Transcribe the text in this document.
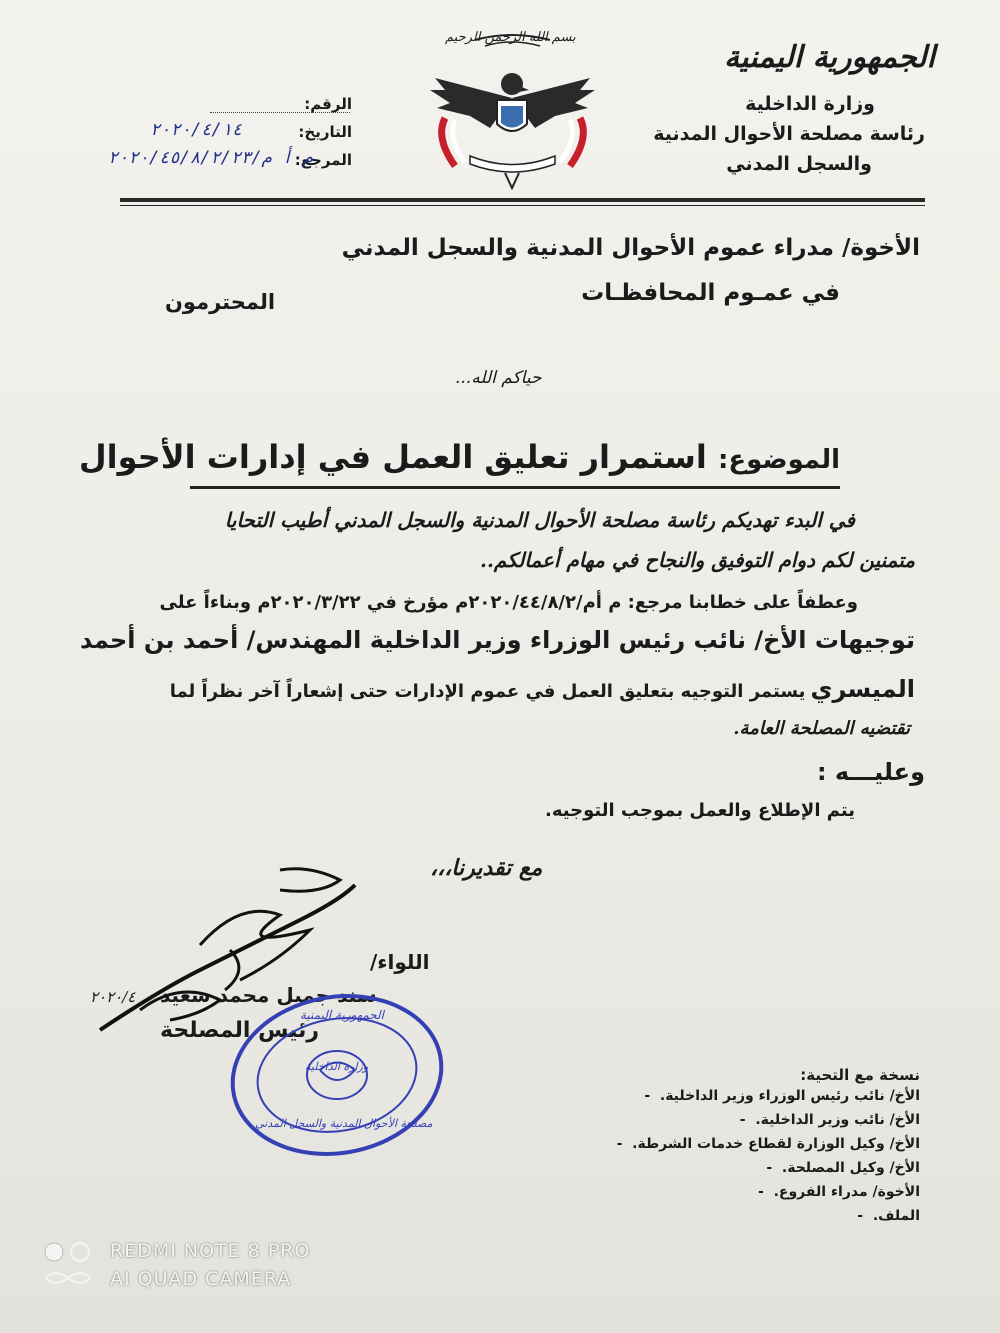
الجمهورية اليمنية
وزارة الداخلية
رئاسة مصلحة الأحوال المدنية
والسجل المدني
بسم الله الرحمن الرحيم
الرقم:
التاريخ:
٢٠٢٠/٤/١٤
المرجع:
م أ م/٢٠٢٠/٤٥/٨/٢/٢٣
الأخوة/ مدراء عموم الأحوال المدنية والسجل المدني
في عمـوم المحافظـات
المحترمون
حياكم الله...
الموضوع: استمرار تعليق العمل في إدارات الأحوال
في البدء تهديكم رئاسة مصلحة الأحوال المدنية والسجل المدني أطيب التحايا
متمنين لكم دوام التوفيق والنجاح في مهام أعمالكم..
وعطفاً على خطابنا مرجع: م أم/٢٠٢٠/٤٤/٨/٢م مؤرخ في ٢٠٢٠/٣/٢٢م وبناءاً على
توجيهات الأخ/ نائب رئيس الوزراء وزير الداخلية المهندس/ أحمد بن أحمد
الميسري يستمر التوجيه بتعليق العمل في عموم الإدارات حتى إشعاراً آخر نظراً لما
تقتضيه المصلحة العامة.
وعليـــه :
يتم الإطلاع والعمل بموجب التوجيه.
مع تقديرنا،،،
اللواء/
سند جميل محمد سعيد
رئيس المصلحة
٢٠٢٠/٤
الجمهورية اليمنية
مصلحة الأحوال المدنية والسجل المدني
وزارة الداخلية	نسخة مع التحية:
الأخ/ نائب رئيس الوزراء وزير الداخلية.  -
الأخ/ نائب وزير الداخلية.  -
الأخ/ وكيل الوزارة لقطاع خدمات الشرطة.  -
الأخ/ وكيل المصلحة.  -
الأخوة/ مدراء الفروع.  -
الملف.  -
REDMI NOTE 8 PRO
AI QUAD CAMERA
